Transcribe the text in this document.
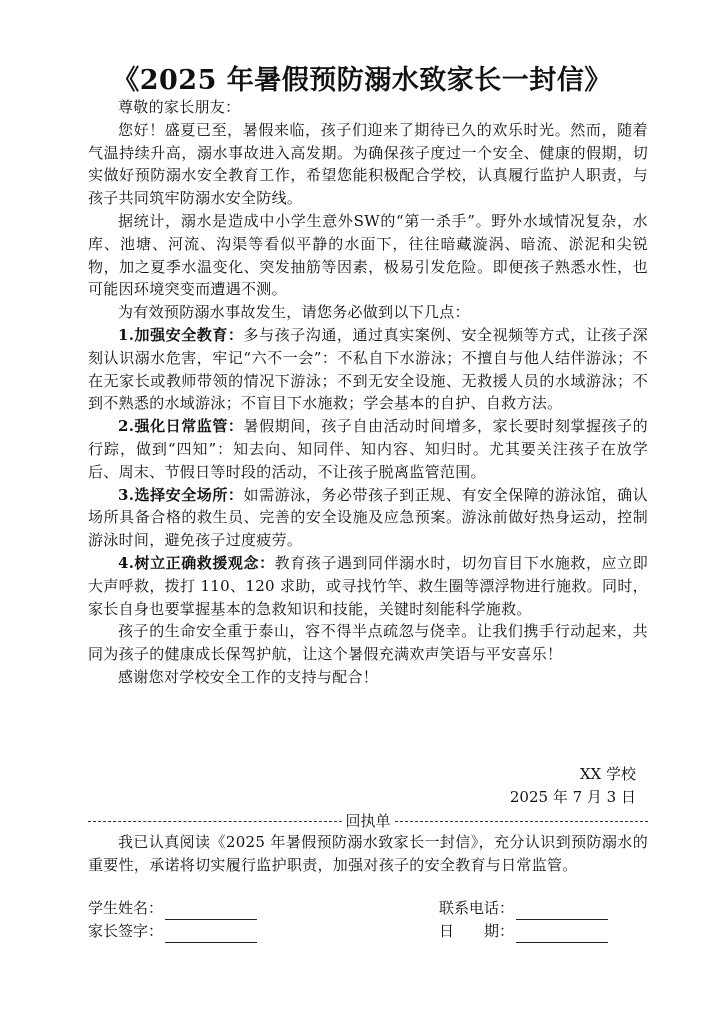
《2025 年暑假预防溺水致家长一封信》

尊敬的家长朋友：

您好！盛夏已至，暑假来临，孩子们迎来了期待已久的欢乐时光。然而，随着气温持续升高，溺水事故进入高发期。为确保孩子度过一个安全、健康的假期，切实做好预防溺水安全教育工作，希望您能积极配合学校，认真履行监护人职责，与孩子共同筑牢防溺水安全防线。

据统计，溺水是造成中小学生意外SW的“第一杀手”。野外水域情况复杂，水库、池塘、河流、沟渠等看似平静的水面下，往往暗藏漩涡、暗流、淤泥和尖锐物，加之夏季水温变化、突发抽筋等因素，极易引发危险。即便孩子熟悉水性，也可能因环境突变而遭遇不测。

为有效预防溺水事故发生，请您务必做到以下几点：

1.加强安全教育：多与孩子沟通，通过真实案例、安全视频等方式，让孩子深刻认识溺水危害，牢记“六不一会”：不私自下水游泳；不擅自与他人结伴游泳；不在无家长或教师带领的情况下游泳；不到无安全设施、无救援人员的水域游泳；不到不熟悉的水域游泳；不盲目下水施救；学会基本的自护、自救方法。

2.强化日常监管：暑假期间，孩子自由活动时间增多，家长要时刻掌握孩子的行踪，做到“四知”：知去向、知同伴、知内容、知归时。尤其要关注孩子在放学后、周末、节假日等时段的活动，不让孩子脱离监管范围。

3.选择安全场所：如需游泳，务必带孩子到正规、有安全保障的游泳馆，确认场所具备合格的救生员、完善的安全设施及应急预案。游泳前做好热身运动，控制游泳时间，避免孩子过度疲劳。

4.树立正确救援观念：教育孩子遇到同伴溺水时，切勿盲目下水施救，应立即大声呼救，拨打 110、120 求助，或寻找竹竿、救生圈等漂浮物进行施救。同时，家长自身也要掌握基本的急救知识和技能，关键时刻能科学施救。

孩子的生命安全重于泰山，容不得半点疏忽与侥幸。让我们携手行动起来，共同为孩子的健康成长保驾护航，让这个暑假充满欢声笑语与平安喜乐！

感谢您对学校安全工作的支持与配合！

XX 学校
2025 年 7 月 3 日
回执单

我已认真阅读《2025 年暑假预防溺水致家长一封信》，充分认识到预防溺水的重要性，承诺将切实履行监护职责，加强对孩子的安全教育与日常监管。

学生姓名：	联系电话：
家长签字：	日　　期：
